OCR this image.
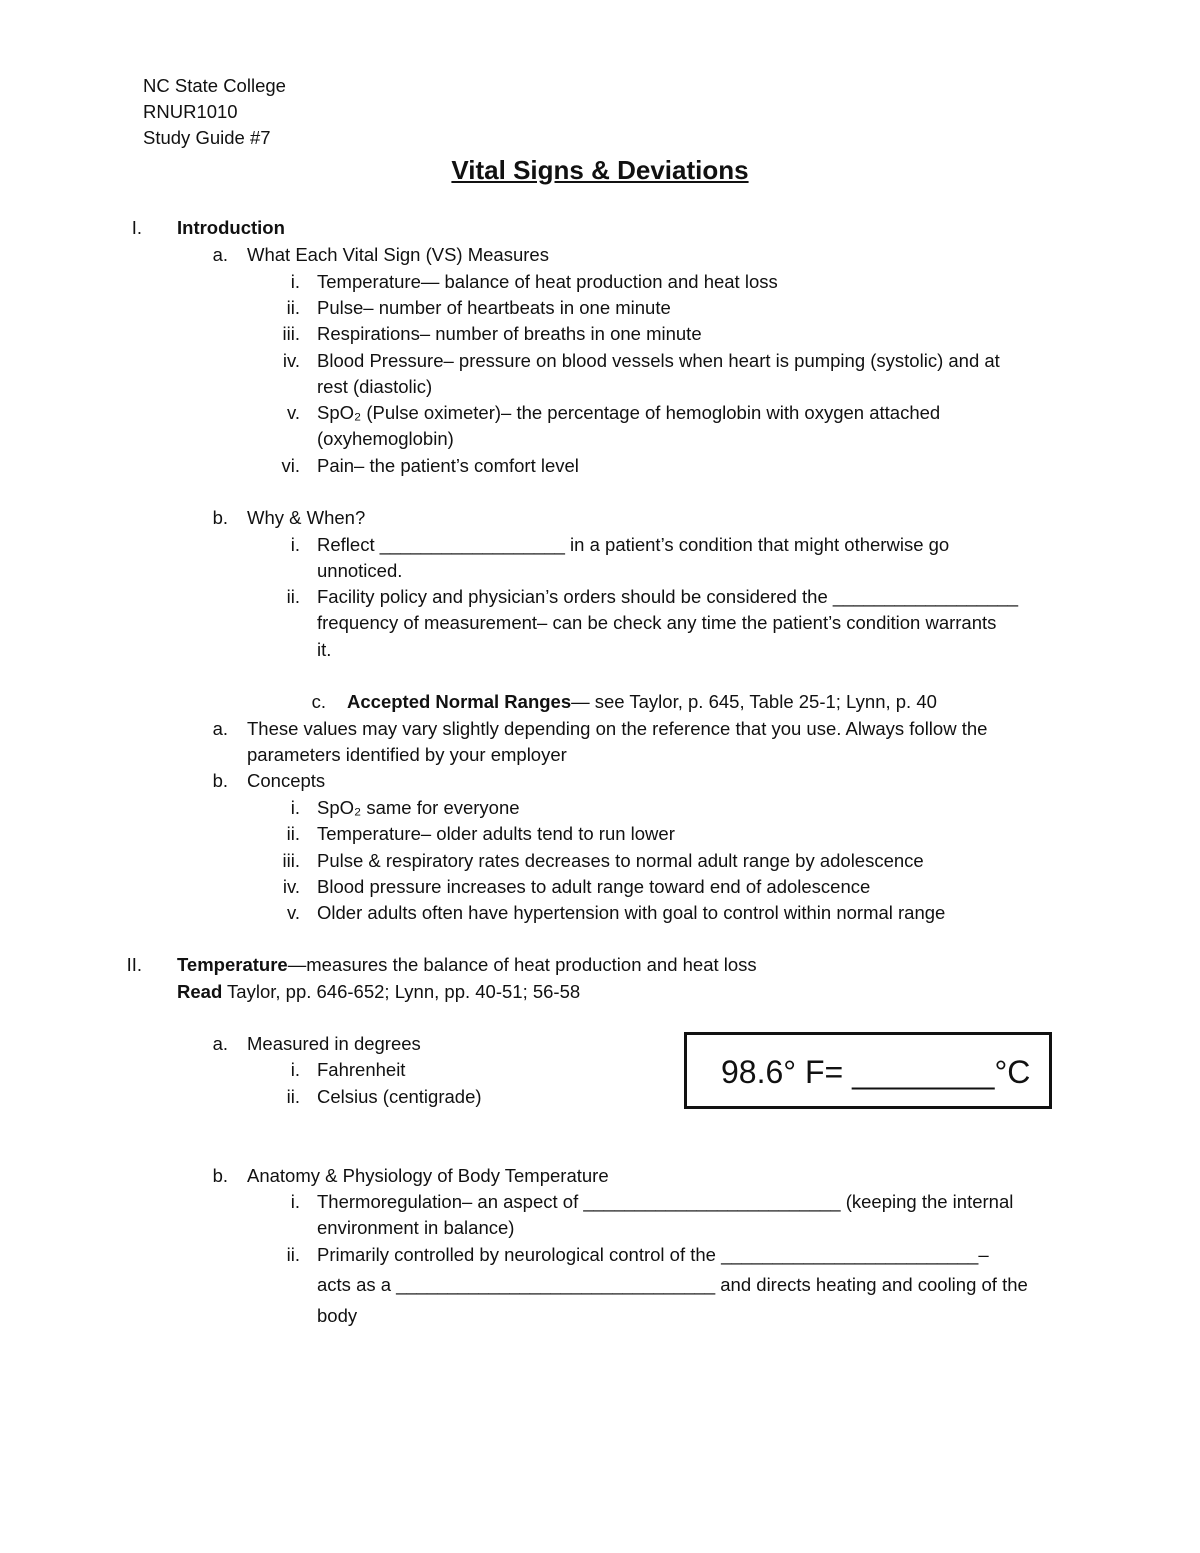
NC State College
RNUR1010
Study Guide #7
Vital Signs & Deviations
I. Introduction
a. What Each Vital Sign (VS) Measures
i. Temperature— balance of heat production and heat loss
ii. Pulse– number of heartbeats in one minute
iii. Respirations– number of breaths in one minute
iv. Blood Pressure– pressure on blood vessels when heart is pumping (systolic) and at
rest (diastolic)
v. SpO₂ (Pulse oximeter)– the percentage of hemoglobin with oxygen attached
(oxyhemoglobin)
vi. Pain– the patient’s comfort level
b. Why & When?
i. Reflect __________________ in a patient’s condition that might otherwise go
unnoticed.
ii. Facility policy and physician’s orders should be considered the __________________
frequency of measurement– can be check any time the patient’s condition warrants
it.
c. Accepted Normal Ranges— see Taylor, p. 645, Table 25-1; Lynn, p. 40
a. These values may vary slightly depending on the reference that you use. Always follow the
parameters identified by your employer
b. Concepts
i. SpO₂ same for everyone
ii. Temperature– older adults tend to run lower
iii. Pulse & respiratory rates decreases to normal adult range by adolescence
iv. Blood pressure increases to adult range toward end of adolescence
v. Older adults often have hypertension with goal to control within normal range
II. Temperature—measures the balance of heat production and heat loss
Read Taylor, pp. 646-652; Lynn, pp. 40-51; 56-58
a. Measured in degrees
i. Fahrenheit
ii. Celsius (centigrade)
98.6° F= ________°C
b. Anatomy & Physiology of Body Temperature
i. Thermoregulation– an aspect of _________________________ (keeping the internal
environment in balance)
ii. Primarily controlled by neurological control of the _________________________–
acts as a _______________________________ and directs heating and cooling of the
body
